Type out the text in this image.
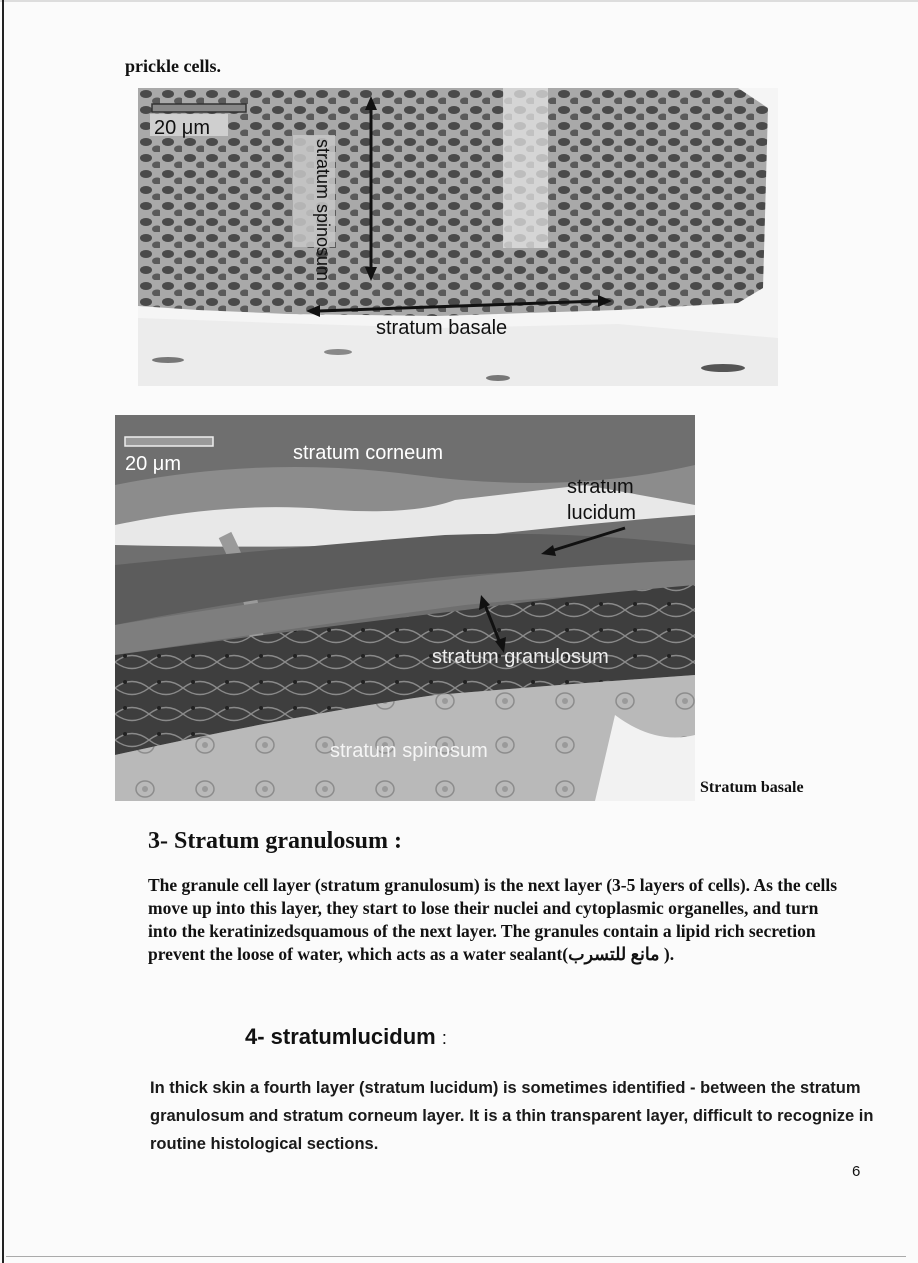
prickle cells.
20 μm
stratum spinosum
stratum basale
20 μm	stratum corneum
stratum
lucidum
stratum granulosum
stratum spinosum
Stratum basale
3- Stratum granulosum :
The granule cell layer (stratum granulosum) is the next layer (3-5 layers of cells). As the cells move up into this layer, they start to lose their nuclei and cytoplasmic organelles, and turn into the keratinizedsquamous of the next layer. The granules contain a lipid rich secretion prevent the loose of water, which acts as a water sealant(مانع للتسرب ).
4- stratumlucidum :
In thick skin a fourth layer (stratum lucidum) is sometimes identified - between the stratum granulosum and stratum corneum layer. It is a thin transparent layer, difficult to recognize in routine histological sections.
6
